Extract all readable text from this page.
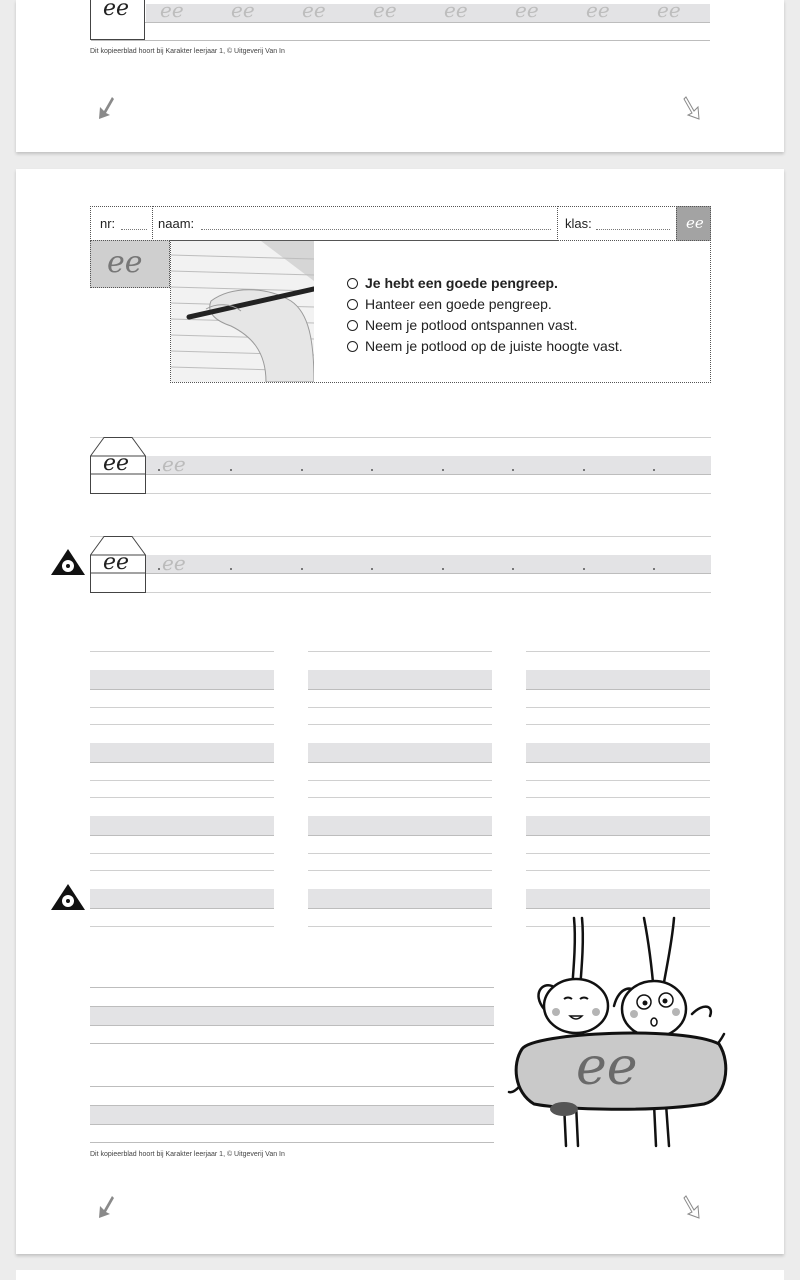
ee ee ee ee ee ee ee ee ee
Dit kopieerblad hoort bij Karakter leerjaar 1, © Uitgeverij Van In
nr:	naam:	klas:	ee
ee
Je hebt een goede pengreep.
Hanteer een goede pengreep.
Neem je potlood ontspannen vast.
Neem je potlood op de juiste hoogte vast.
ee ee
ee ee
ee
Dit kopieerblad hoort bij Karakter leerjaar 1, © Uitgeverij Van In
